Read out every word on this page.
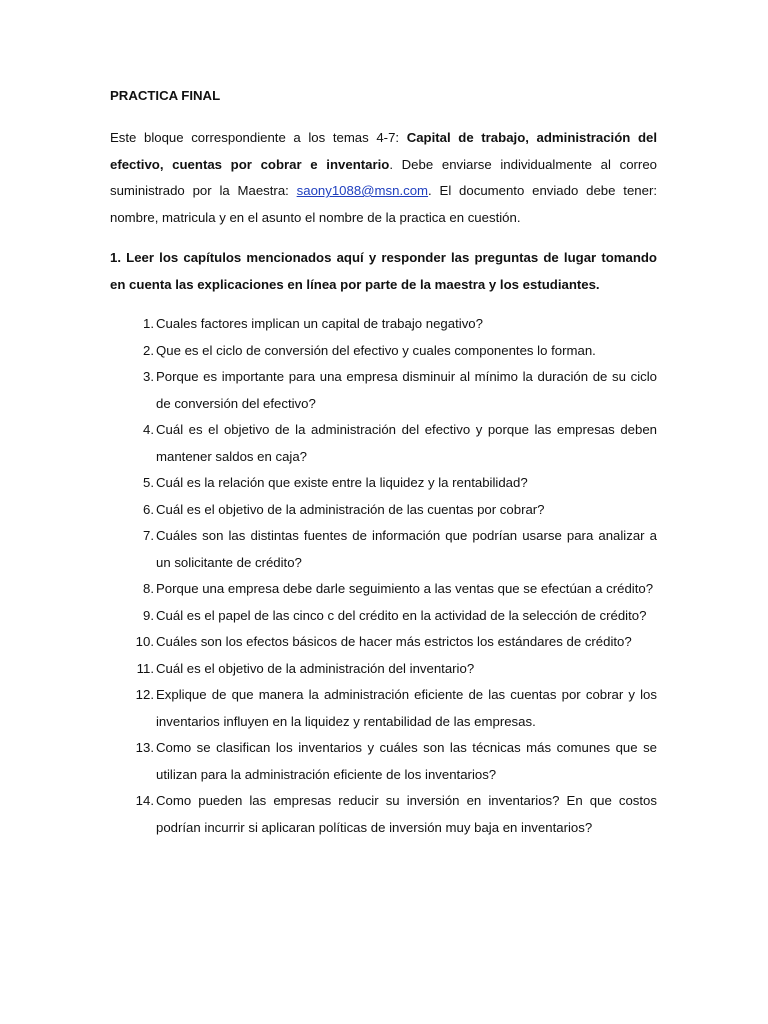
PRACTICA FINAL

Este bloque correspondiente a los temas 4-7: Capital de trabajo, administración del efectivo, cuentas por cobrar e inventario. Debe enviarse individualmente al correo suministrado por la Maestra: saony1088@msn.com. El documento enviado debe tener: nombre, matricula y en el asunto el nombre de la practica en cuestión.

1. Leer los capítulos mencionados aquí y responder las preguntas de lugar tomando en cuenta las explicaciones en línea por parte de la maestra y los estudiantes.

1. Cuales factores implican un capital de trabajo negativo?
2. Que es el ciclo de conversión del efectivo y cuales componentes lo forman.
3. Porque es importante para una empresa disminuir al mínimo la duración de su ciclo de conversión del efectivo?
4. Cuál es el objetivo de la administración del efectivo y porque las empresas deben mantener saldos en caja?
5. Cuál es la relación que existe entre la liquidez y la rentabilidad?
6. Cuál es el objetivo de la administración de las cuentas por cobrar?
7. Cuáles son las distintas fuentes de información que podrían usarse para analizar a un solicitante de crédito?
8. Porque una empresa debe darle seguimiento a las ventas que se efectúan a crédito?
9. Cuál es el papel de las cinco c del crédito en la actividad de la selección de crédito?
10. Cuáles son los efectos básicos de hacer más estrictos los estándares de crédito?
11. Cuál es el objetivo de la administración del inventario?
12. Explique de que manera la administración eficiente de las cuentas por cobrar y los inventarios influyen en la liquidez y rentabilidad de las empresas.
13. Como se clasifican los inventarios y cuáles son las técnicas más comunes que se utilizan para la administración eficiente de los inventarios?
14. Como pueden las empresas reducir su inversión en inventarios? En que costos podrían incurrir si aplicaran políticas de inversión muy baja en inventarios?
